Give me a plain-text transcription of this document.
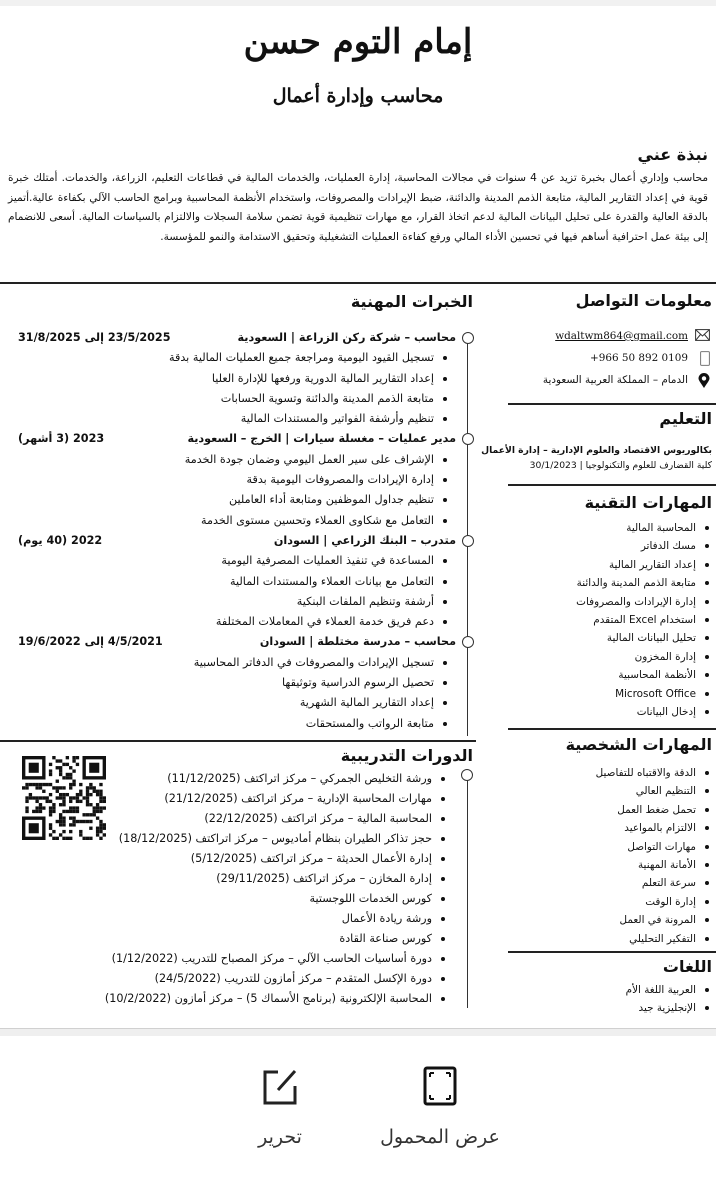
إمام التوم حسن
محاسب وإدارة أعمال
نبذة عني
محاسب وإداري أعمال بخبرة تزيد عن 4 سنوات في مجالات المحاسبة، إدارة العمليات، والخدمات المالية في قطاعات التعليم، الزراعة، والخدمات. أمتلك خبرة قوية في إعداد التقارير المالية، متابعة الذمم المدينة والدائنة، ضبط الإيرادات والمصروفات، واستخدام الأنظمة المحاسبية وبرامج الحاسب الآلي بكفاءة عالية.أتميز بالدقة العالية والقدرة على تحليل البيانات المالية لدعم اتخاذ القرار، مع مهارات تنظيمية قوية تضمن سلامة السجلات والالتزام بالسياسات المالية. أسعى للانضمام إلى بيئة عمل احترافية أساهم فيها في تحسين الأداء المالي ورفع كفاءة العمليات التشغيلية وتحقيق الاستدامة والنمو للمؤسسة.
الخبرات المهنية
محاسب – شركة ركن الزراعة | السعودية
23/5/2025 إلى 31/8/2025
تسجيل القيود اليومية ومراجعة جميع العمليات المالية بدقة
إعداد التقارير المالية الدورية ورفعها للإدارة العليا
متابعة الذمم المدينة والدائنة وتسوية الحسابات
تنظيم وأرشفة الفواتير والمستندات المالية
مدير عمليات – مغسلة سيارات | الخرج – السعودية
2023 (3 أشهر)
الإشراف على سير العمل اليومي وضمان جودة الخدمة
إدارة الإيرادات والمصروفات اليومية بدقة
تنظيم جداول الموظفين ومتابعة أداء العاملين
التعامل مع شكاوى العملاء وتحسين مستوى الخدمة
متدرب – البنك الزراعي | السودان
2022 (40 يوم)
المساعدة في تنفيذ العمليات المصرفية اليومية
التعامل مع بيانات العملاء والمستندات المالية
أرشفة وتنظيم الملفات البنكية
دعم فريق خدمة العملاء في المعاملات المختلفة
محاسب – مدرسة مختلطة | السودان
4/5/2021 إلى 19/6/2022
تسجيل الإيرادات والمصروفات في الدفاتر المحاسبية
تحصيل الرسوم الدراسية وتوثيقها
إعداد التقارير المالية الشهرية
متابعة الرواتب والمستحقات
الدورات التدريبية
ورشة التخليص الجمركي – مركز اتراكتف (11/12/2025)
مهارات المحاسبة الإدارية – مركز اتراكتف (21/12/2025)
المحاسبة المالية – مركز اتراكتف (22/12/2025)
حجز تذاكر الطيران بنظام أماديوس – مركز اتراكتف (18/12/2025)
إدارة الأعمال الحديثة – مركز اتراكتف (5/12/2025)
إدارة المخازن – مركز اتراكتف (29/11/2025)
كورس الخدمات اللوجستية
ورشة ريادة الأعمال
كورس صناعة القادة
دورة أساسيات الحاسب الآلي – مركز المصباح للتدريب (1/12/2022)
دورة الإكسل المتقدم – مركز أمازون للتدريب (24/5/2022)
المحاسبة الإلكترونية (برنامج الأسماك 5) – مركز أمازون (10/2/2022)
معلومات التواصل
wdaltwm864@gmail.com
+966 50 892 0109
الدمام – المملكة العربية السعودية
التعليم
بكالوريوس الاقتصاد والعلوم الإدارية – إدارة الأعمال
كلية القضارف للعلوم والتكنولوجيا | 30/1/2023
المهارات التقنية
المحاسبة المالية
مسك الدفاتر
إعداد التقارير المالية
متابعة الذمم المدينة والدائنة
إدارة الإيرادات والمصروفات
استخدام Excel المتقدم
تحليل البيانات المالية
إدارة المخزون
الأنظمة المحاسبية
Microsoft Office
إدخال البيانات
المهارات الشخصية
الدقة والاقتباه للتفاصيل
التنظيم العالي
تحمل ضغط العمل
الالتزام بالمواعيد
مهارات التواصل
الأمانة المهنية
سرعة التعلم
إدارة الوقت
المرونة في العمل
التفكير التحليلي
اللغات
العربية اللغة الأم
الإنجليزية جيد
عرض المحمول
تحرير
